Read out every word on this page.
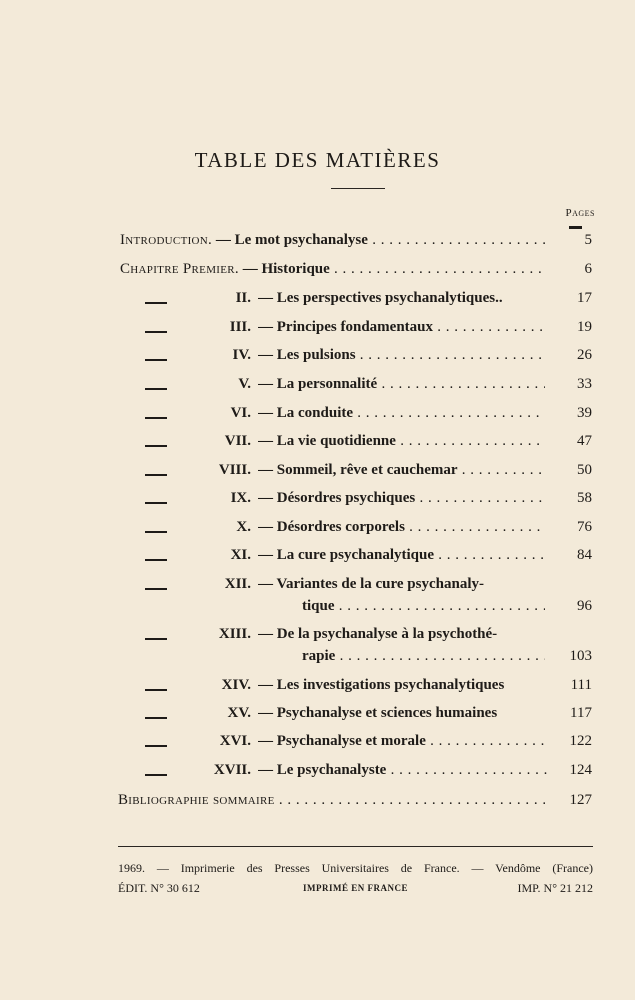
TABLE DES MATIÈRES
Pages
Introduction. — Le mot psychanalyse . . .	5
Chapitre Premier. — Historique . . .	6
II. — Les perspectives psychanalytiques..	17
III. — Principes fondamentaux . . .	19
IV. — Les pulsions . . .	26
V. — La personnalité . . .	33
VI. — La conduite . . .	39
VII. — La vie quotidienne . . .	47
VIII. — Sommeil, rêve et cauchemar . . .	50
IX. — Désordres psychiques . . .	58
X. — Désordres corporels . . .	76
XI. — La cure psychanalytique . . .	84
XII. — Variantes de la cure psychanaly-
tique . . .	96
XIII. — De la psychanalyse à la psychothé-
rapie . . .	103
XIV. — Les investigations psychanalytiques	111
XV. — Psychanalyse et sciences humaines	117
XVI. — Psychanalyse et morale . . .	122
XVII. — Le psychanalyste . . .	124
Bibliographie sommaire . . .	127
1969. — Imprimerie des Presses Universitaires de France. — Vendôme (France)
ÉDIT. N° 30 612	IMPRIMÉ EN FRANCE	IMP. N° 21 212
